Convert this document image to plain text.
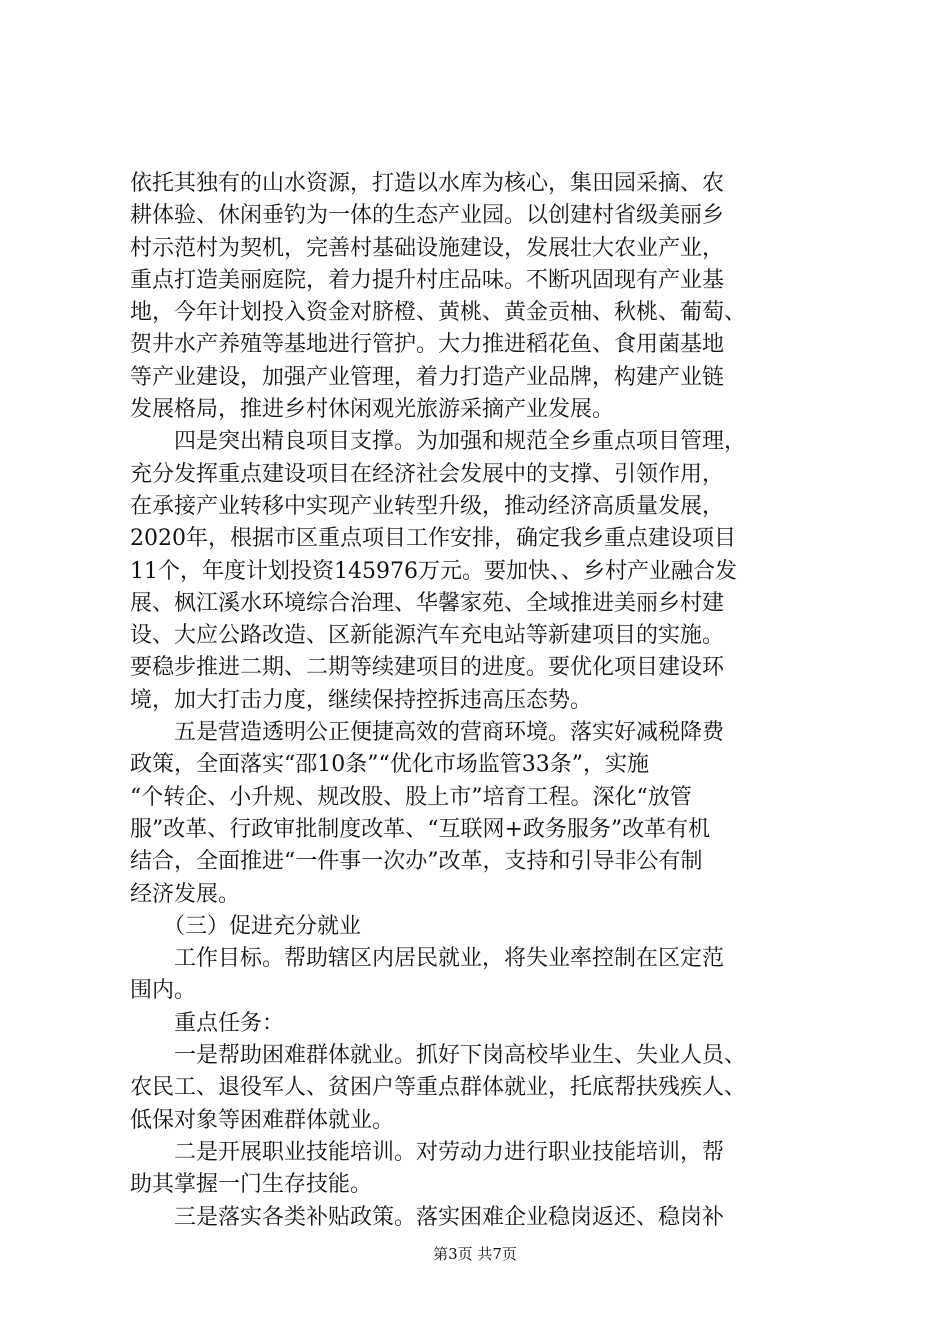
依托其独有的山水资源，打造以水库为核心，集田园采摘、农
耕体验、休闲垂钓为一体的生态产业园。以创建村省级美丽乡
村示范村为契机，完善村基础设施建设，发展壮大农业产业，
重点打造美丽庭院，着力提升村庄品味。不断巩固现有产业基
地，今年计划投入资金对脐橙、黄桃、黄金贡柚、秋桃、葡萄、
贺井水产养殖等基地进行管护。大力推进稻花鱼、食用菌基地
等产业建设，加强产业管理，着力打造产业品牌，构建产业链
发展格局，推进乡村休闲观光旅游采摘产业发展。
　　四是突出精良项目支撑。为加强和规范全乡重点项目管理，
充分发挥重点建设项目在经济社会发展中的支撑、引领作用，
在承接产业转移中实现产业转型升级，推动经济高质量发展，
2020年，根据市区重点项目工作安排，确定我乡重点建设项目
11个，年度计划投资145976万元。要加快、、乡村产业融合发
展、枫江溪水环境综合治理、华馨家苑、全域推进美丽乡村建
设、大应公路改造、区新能源汽车充电站等新建项目的实施。
要稳步推进二期、二期等续建项目的进度。要优化项目建设环
境，加大打击力度，继续保持控拆违高压态势。
　　五是营造透明公正便捷高效的营商环境。落实好减税降费
政策，全面落实“邵10条”“优化市场监管33条”，实施
“个转企、小升规、规改股、股上市”培育工程。深化“放管
服”改革、行政审批制度改革、“互联网+政务服务”改革有机
结合，全面推进“一件事一次办”改革，支持和引导非公有制
经济发展。
　　（三）促进充分就业
　　工作目标。帮助辖区内居民就业，将失业率控制在区定范
围内。
　　重点任务：
　　一是帮助困难群体就业。抓好下岗高校毕业生、失业人员、
农民工、退役军人、贫困户等重点群体就业，托底帮扶残疾人、
低保对象等困难群体就业。
　　二是开展职业技能培训。对劳动力进行职业技能培训，帮
助其掌握一门生存技能。
　　三是落实各类补贴政策。落实困难企业稳岗返还、稳岗补
第3页 共7页
